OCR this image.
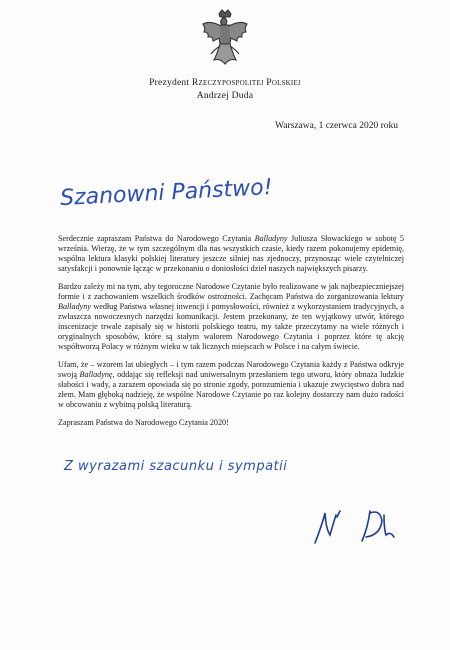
Prezydent Rzeczypospolitej Polskiej
Andrzej Duda
Warszawa, 1 czerwca 2020 roku
Szanowni Państwo!

Serdecznie zapraszam Państwa do Narodowego Czytania Balladyny Juliusza Słowackiego w sobotę 5 września. Wierzę, że w tym szczególnym dla nas wszystkich czasie, kiedy razem pokonujemy epidemię, wspólna lektura klasyki polskiej literatury jeszcze silniej nas zjednoczy, przynosząc wiele czytelniczej satysfakcji i ponownie łącząc w przekonaniu o doniosłości dzieł naszych największych pisarzy.

Bardzo zależy mi na tym, aby tegoroczne Narodowe Czytanie było realizowane w jak najbezpieczniejszej formie i z zachowaniem wszelkich środków ostrożności. Zachęcam Państwa do zorganizowania lektury Balladyny według Państwa własnej inwencji i pomysłowości, również z wykorzystaniem tradycyjnych, a zwłaszcza nowoczesnych narzędzi komunikacji. Jestem przekonany, że ten wyjątkowy utwór, którego inscenizacje trwale zapisały się w historii polskiego teatru, my także przeczytamy na wiele różnych i oryginalnych sposobów, które są stałym walorem Narodowego Czytania i poprzez które tę akcję współtworzą Polacy w różnym wieku w tak licznych miejscach w Polsce i na całym świecie.

Ufam, że – wzorem lat ubiegłych – i tym razem podczas Narodowego Czytania każdy z Państwa odkryje swoją Balladynę, oddając się refleksji nad uniwersalnym przesłaniem tego utworu, który obnaża ludzkie słabości i wady, a zarazem opowiada się po stronie zgody, porozumienia i ukazuje zwycięstwo dobra nad złem. Mam głęboką nadzieję, że wspólne Narodowe Czytanie po raz kolejny dostarczy nam dużo radości w obcowaniu z wybitną polską literaturą.

Zapraszam Państwa do Narodowego Czytania 2020!

Z wyrazami szacunku i sympatii
